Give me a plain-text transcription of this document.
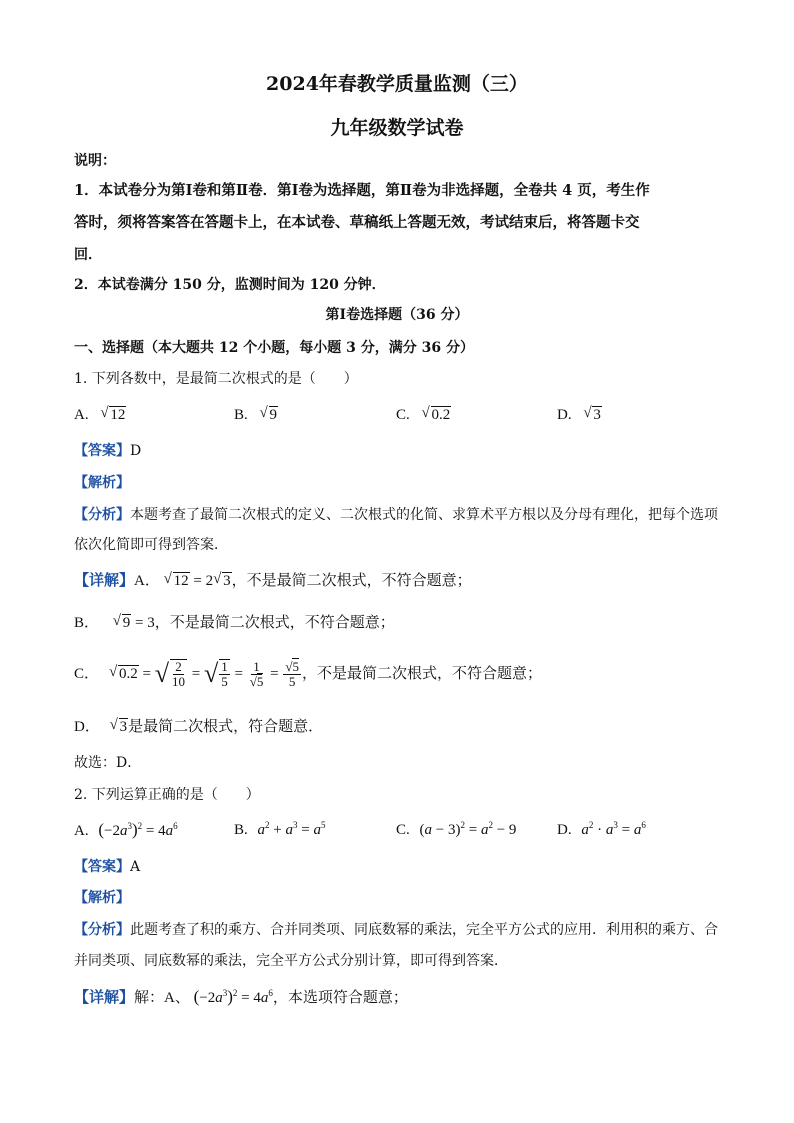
2024年春教学质量监测（三）
九年级数学试卷
说明：
1．本试卷分为第Ⅰ卷和第Ⅱ卷．第Ⅰ卷为选择题，第Ⅱ卷为非选择题，全卷共 4 页，考生作
答时，须将答案答在答题卡上，在本试卷、草稿纸上答题无效，考试结束后，将答题卡交
回．
2．本试卷满分 150 分，监测时间为 120 分钟．
第Ⅰ卷选择题（36 分）
一、选择题（本大题共 12 个小题，每小题 3 分，满分 36 分）
1. 下列各数中，是最简二次根式的是（　　）
A. √ 12	B. √ 9	C. √ 0.2	D. √ 3
【答案】D
【解析】
【分析】本题考查了最简二次根式的定义、二次根式的化简、求算术平方根以及分母有理化，把每个选项
依次化简即可得到答案．
【详解】A． √ 12 = 2 √ 3，不是最简二次根式，不符合题意；
B． √ 9 = 3，不是最简二次根式，不符合题意；
C． √ 0.2 = √ $\frac{2}{10}$ = √ $\frac{1}{5} = \frac{1}{√5} = \frac{√5}{5}$ ，不是最简二次根式，不符合题意；
D． √ 3是最简二次根式，符合题意．
故选：D．
2. 下列运算正确的是（　　）
A. $(-2a^3)^2 = 4a^6$	B. $a^2 + a^3 = a^5$	C. $(a - 3)^2 = a^2 - 9$	D. $a^2 \cdot a^3 = a^6$
【答案】A
【解析】
【分析】此题考查了积的乘方、合并同类项、同底数幂的乘法，完全平方公式的应用．利用积的乘方、合
并同类项、同底数幂的乘法，完全平方公式分别计算，即可得到答案．
【详解】解：A、 $(-2a^3)^2 = 4a^6$，本选项符合题意；
